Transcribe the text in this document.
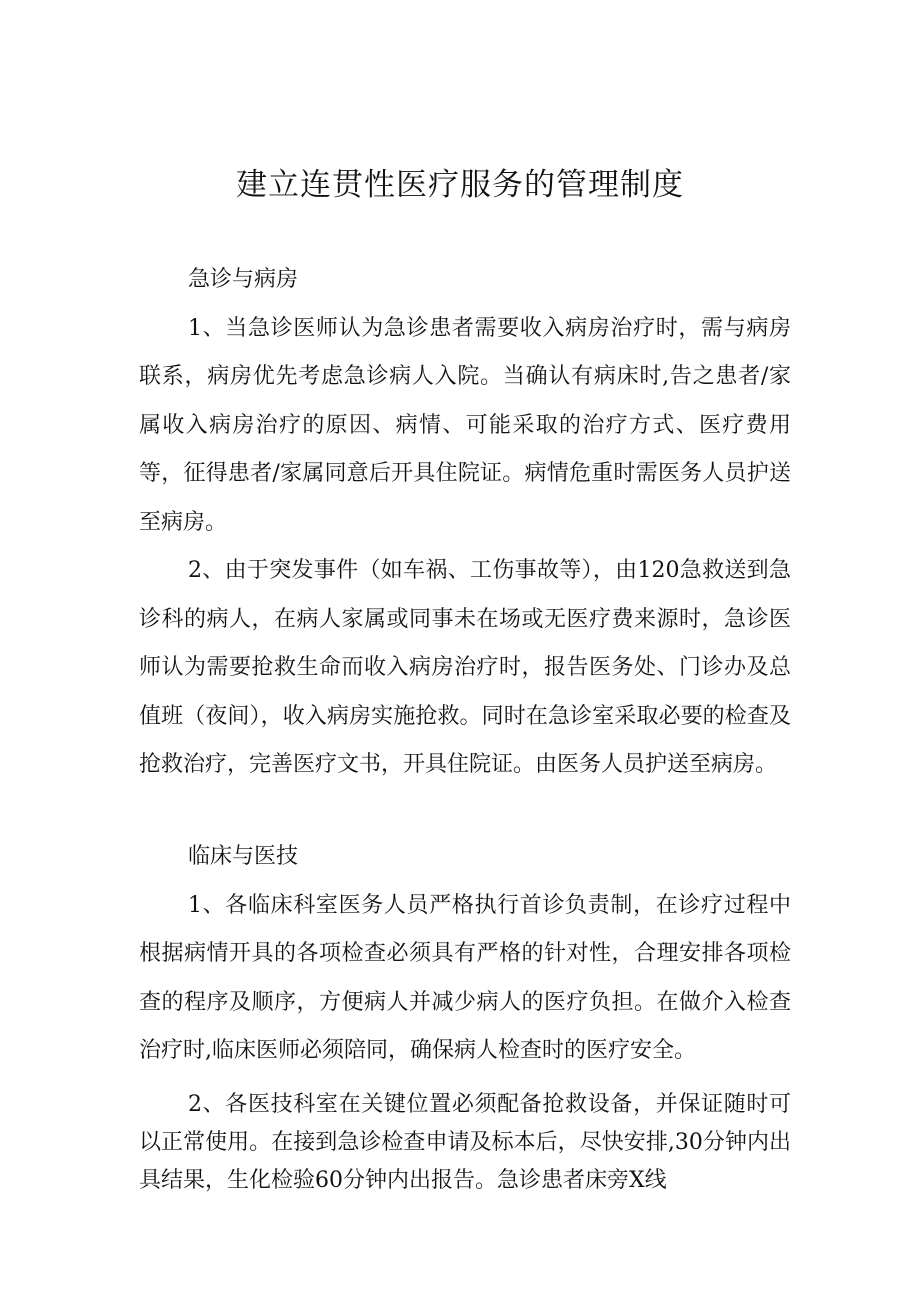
建立连贯性医疗服务的管理制度

急诊与病房

1、当急诊医师认为急诊患者需要收入病房治疗时，需与病房联系，病房优先考虑急诊病人入院。当确认有病床时,告之患者/家属收入病房治疗的原因、病情、可能采取的治疗方式、医疗费用等，征得患者/家属同意后开具住院证。病情危重时需医务人员护送至病房。

2、由于突发事件（如车祸、工伤事故等），由120急救送到急诊科的病人，在病人家属或同事未在场或无医疗费来源时，急诊医师认为需要抢救生命而收入病房治疗时，报告医务处、门诊办及总值班（夜间），收入病房实施抢救。同时在急诊室采取必要的检查及抢救治疗，完善医疗文书，开具住院证。由医务人员护送至病房。

临床与医技

1、各临床科室医务人员严格执行首诊负责制，在诊疗过程中根据病情开具的各项检查必须具有严格的针对性，合理安排各项检查的程序及顺序，方便病人并减少病人的医疗负担。在做介入检查治疗时,临床医师必须陪同，确保病人检查时的医疗安全。

2、各医技科室在关键位置必须配备抢救设备，并保证随时可以正常使用。在接到急诊检查申请及标本后，尽快安排,30分钟内出具结果，生化检验60分钟内出报告。急诊患者床旁X线
